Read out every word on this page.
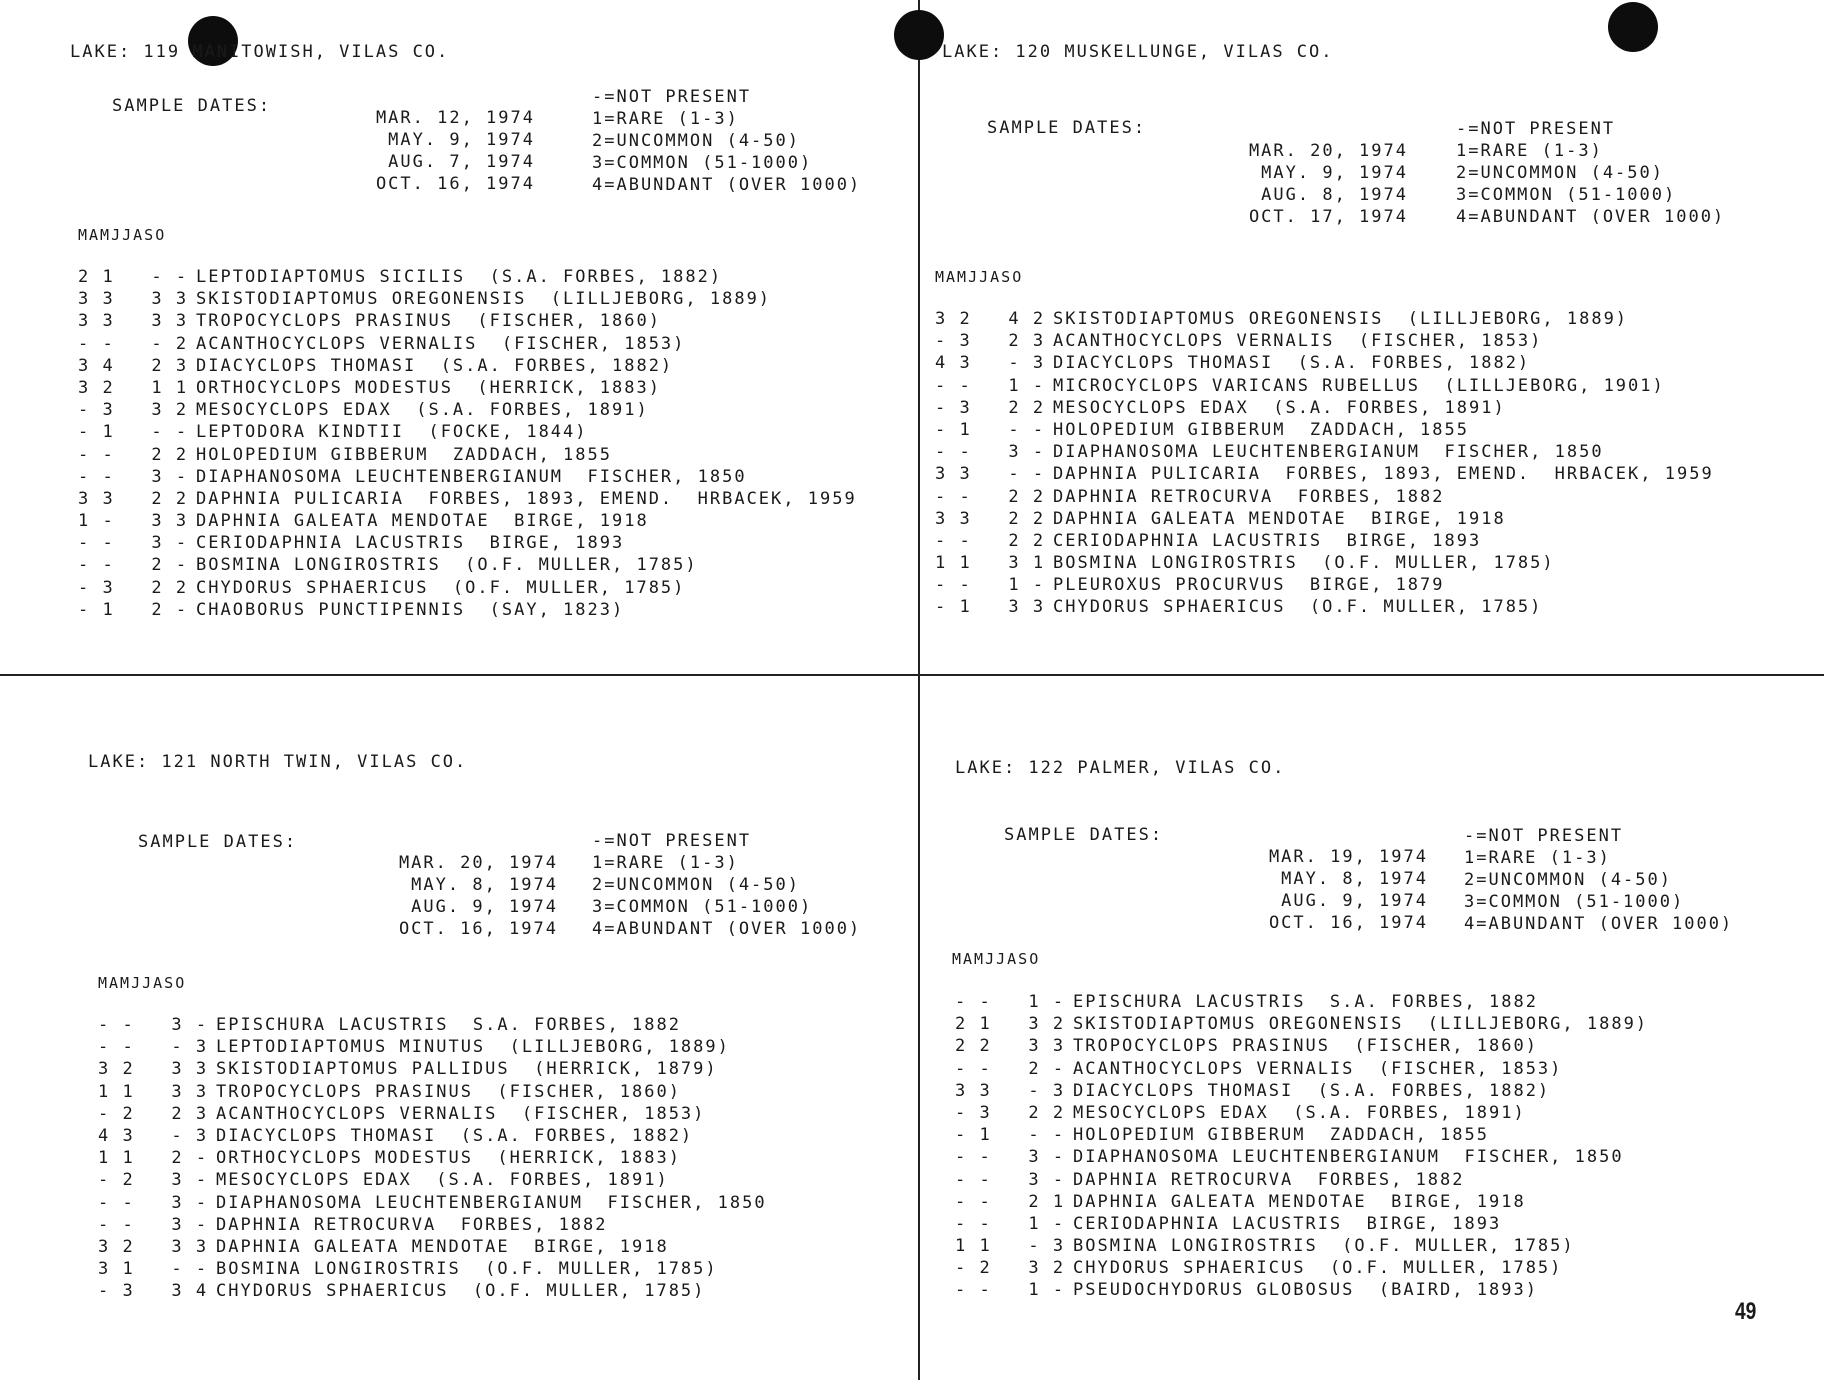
LAKE: 119 MANITOWISH, VILAS CO.
SAMPLE DATES:
MAR. 12, 1974
MAY. 9, 1974
AUG. 7, 1974
OCT. 16, 1974
-=NOT PRESENT
1=RARE (1-3)
2=UNCOMMON (4-50)
3=COMMON (51-1000)
4=ABUNDANT (OVER 1000)
MAMJJASO
2 1   - - LEPTODIAPTOMUS SICILIS  (S.A. FORBES, 1882)
3 3   3 3 SKISTODIAPTOMUS OREGONENSIS  (LILLJEBORG, 1889)
3 3   3 3 TROPOCYCLOPS PRASINUS  (FISCHER, 1860)
- -   - 2 ACANTHOCYCLOPS VERNALIS  (FISCHER, 1853)
3 4   2 3 DIACYCLOPS THOMASI  (S.A. FORBES, 1882)
3 2   1 1 ORTHOCYCLOPS MODESTUS  (HERRICK, 1883)
- 3   3 2 MESOCYCLOPS EDAX  (S.A. FORBES, 1891)
- 1   - - LEPTODORA KINDTII  (FOCKE, 1844)
- -   2 2 HOLOPEDIUM GIBBERUM  ZADDACH, 1855
- -   3 - DIAPHANOSOMA LEUCHTENBERGIANUM  FISCHER, 1850
3 3   2 2 DAPHNIA PULICARIA  FORBES, 1893, EMEND.  HRBACEK, 1959
1 -   3 3 DAPHNIA GALEATA MENDOTAE  BIRGE, 1918
- -   3 - CERIODAPHNIA LACUSTRIS  BIRGE, 1893
- -   2 - BOSMINA LONGIROSTRIS  (O.F. MULLER, 1785)
- 3   2 2 CHYDORUS SPHAERICUS  (O.F. MULLER, 1785)
- 1   2 - CHAOBORUS PUNCTIPENNIS  (SAY, 1823)
LAKE: 120 MUSKELLUNGE, VILAS CO.
SAMPLE DATES:
MAR. 20, 1974
MAY. 9, 1974
AUG. 8, 1974
OCT. 17, 1974
-=NOT PRESENT
1=RARE (1-3)
2=UNCOMMON (4-50)
3=COMMON (51-1000)
4=ABUNDANT (OVER 1000)
MAMJJASO
3 2   4 2 SKISTODIAPTOMUS OREGONENSIS  (LILLJEBORG, 1889)
- 3   2 3 ACANTHOCYCLOPS VERNALIS  (FISCHER, 1853)
4 3   - 3 DIACYCLOPS THOMASI  (S.A. FORBES, 1882)
- -   1 - MICROCYCLOPS VARICANS RUBELLUS  (LILLJEBORG, 1901)
- 3   2 2 MESOCYCLOPS EDAX  (S.A. FORBES, 1891)
- 1   - - HOLOPEDIUM GIBBERUM  ZADDACH, 1855
- -   3 - DIAPHANOSOMA LEUCHTENBERGIANUM  FISCHER, 1850
3 3   - - DAPHNIA PULICARIA  FORBES, 1893, EMEND.  HRBACEK, 1959
- -   2 2 DAPHNIA RETROCURVA  FORBES, 1882
3 3   2 2 DAPHNIA GALEATA MENDOTAE  BIRGE, 1918
- -   2 2 CERIODAPHNIA LACUSTRIS  BIRGE, 1893
1 1   3 1 BOSMINA LONGIROSTRIS  (O.F. MULLER, 1785)
- -   1 - PLEUROXUS PROCURVUS  BIRGE, 1879
- 1   3 3 CHYDORUS SPHAERICUS  (O.F. MULLER, 1785)
LAKE: 121 NORTH TWIN, VILAS CO.
SAMPLE DATES:
MAR. 20, 1974
MAY. 8, 1974
AUG. 9, 1974
OCT. 16, 1974
-=NOT PRESENT
1=RARE (1-3)
2=UNCOMMON (4-50)
3=COMMON (51-1000)
4=ABUNDANT (OVER 1000)
MAMJJASO
- -   3 - EPISCHURA LACUSTRIS  S.A. FORBES, 1882
- -   - 3 LEPTODIAPTOMUS MINUTUS  (LILLJEBORG, 1889)
3 2   3 3 SKISTODIAPTOMUS PALLIDUS  (HERRICK, 1879)
1 1   3 3 TROPOCYCLOPS PRASINUS  (FISCHER, 1860)
- 2   2 3 ACANTHOCYCLOPS VERNALIS  (FISCHER, 1853)
4 3   - 3 DIACYCLOPS THOMASI  (S.A. FORBES, 1882)
1 1   2 - ORTHOCYCLOPS MODESTUS  (HERRICK, 1883)
- 2   3 - MESOCYCLOPS EDAX  (S.A. FORBES, 1891)
- -   3 - DIAPHANOSOMA LEUCHTENBERGIANUM  FISCHER, 1850
- -   3 - DAPHNIA RETROCURVA  FORBES, 1882
3 2   3 3 DAPHNIA GALEATA MENDOTAE  BIRGE, 1918
3 1   - - BOSMINA LONGIROSTRIS  (O.F. MULLER, 1785)
- 3   3 4 CHYDORUS SPHAERICUS  (O.F. MULLER, 1785)
LAKE: 122 PALMER, VILAS CO.
SAMPLE DATES:
MAR. 19, 1974
MAY. 8, 1974
AUG. 9, 1974
OCT. 16, 1974
-=NOT PRESENT
1=RARE (1-3)
2=UNCOMMON (4-50)
3=COMMON (51-1000)
4=ABUNDANT (OVER 1000)
MAMJJASO
- -   1 - EPISCHURA LACUSTRIS  S.A. FORBES, 1882
2 1   3 2 SKISTODIAPTOMUS OREGONENSIS  (LILLJEBORG, 1889)
2 2   3 3 TROPOCYCLOPS PRASINUS  (FISCHER, 1860)
- -   2 - ACANTHOCYCLOPS VERNALIS  (FISCHER, 1853)
3 3   - 3 DIACYCLOPS THOMASI  (S.A. FORBES, 1882)
- 3   2 2 MESOCYCLOPS EDAX  (S.A. FORBES, 1891)
- 1   - - HOLOPEDIUM GIBBERUM  ZADDACH, 1855
- -   3 - DIAPHANOSOMA LEUCHTENBERGIANUM  FISCHER, 1850
- -   3 - DAPHNIA RETROCURVA  FORBES, 1882
- -   2 1 DAPHNIA GALEATA MENDOTAE  BIRGE, 1918
- -   1 - CERIODAPHNIA LACUSTRIS  BIRGE, 1893
1 1   - 3 BOSMINA LONGIROSTRIS  (O.F. MULLER, 1785)
- 2   3 2 CHYDORUS SPHAERICUS  (O.F. MULLER, 1785)
- -   1 - PSEUDOCHYDORUS GLOBOSUS  (BAIRD, 1893)
49
